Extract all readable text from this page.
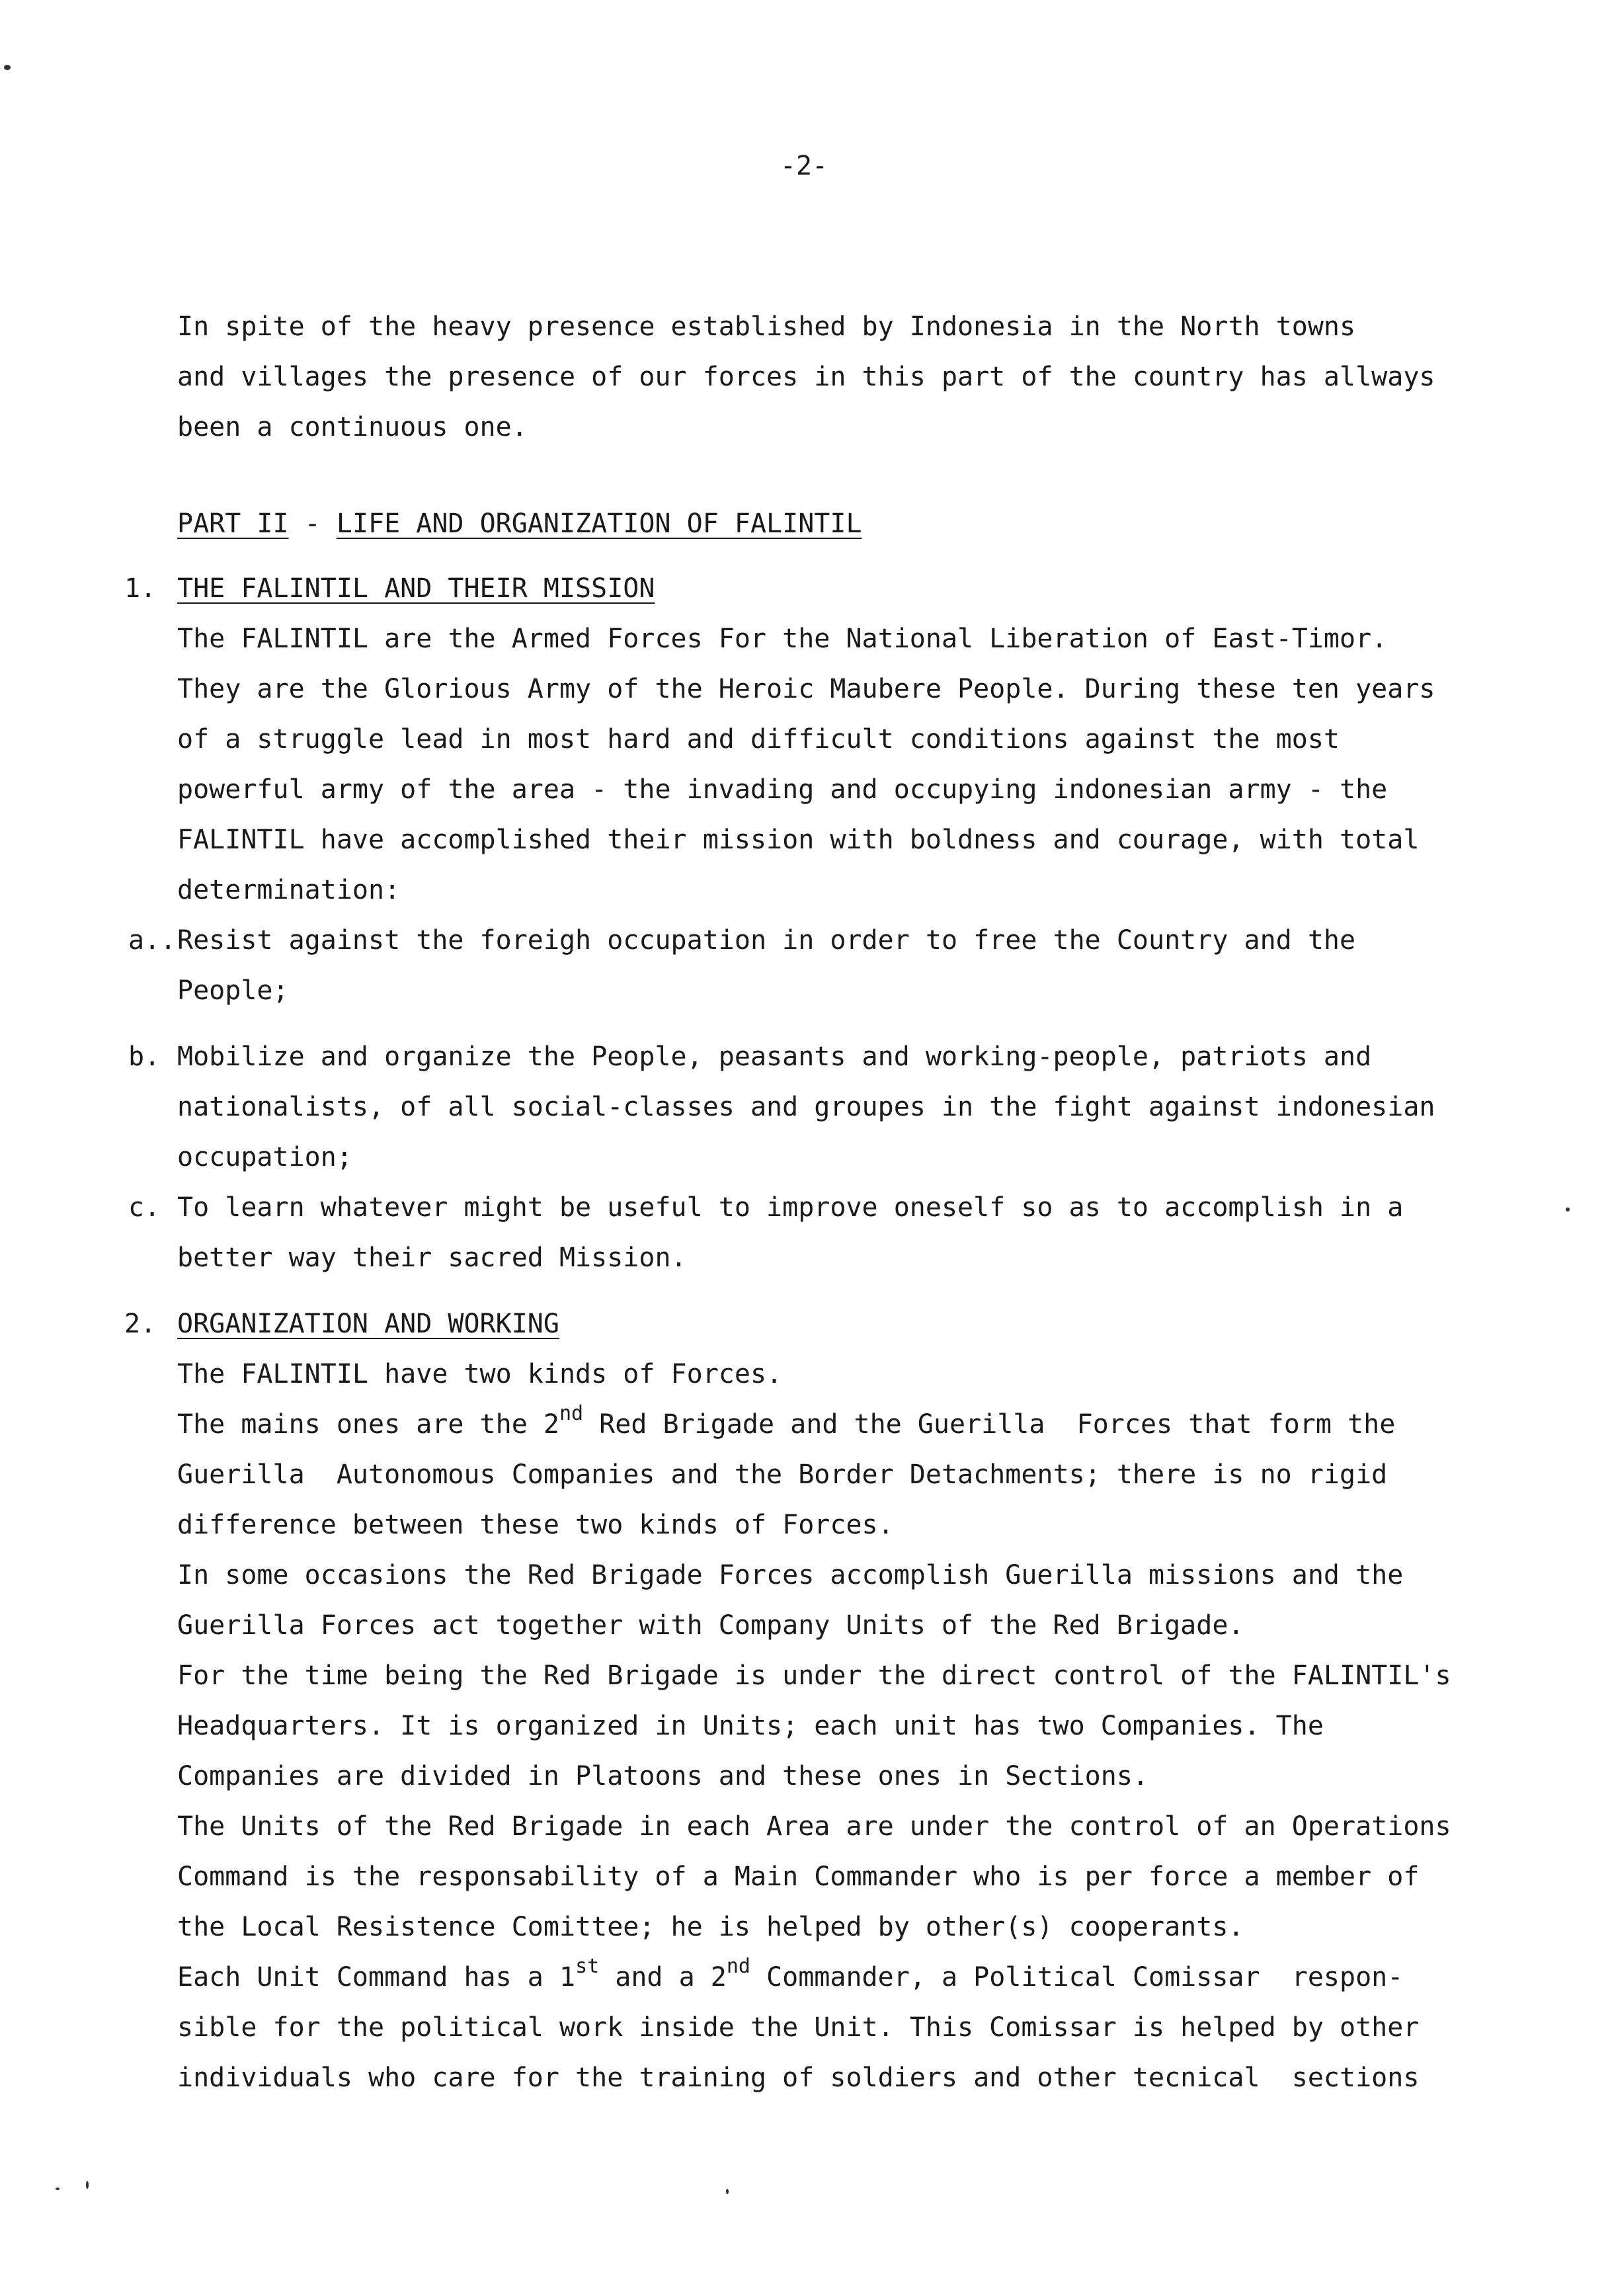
-2-
In spite of the heavy presence established by Indonesia in the North towns
and villages the presence of our forces in this part of the country has allways
been a continuous one.
PART II - LIFE AND ORGANIZATION OF FALINTIL
1. THE FALINTIL AND THEIR MISSION
The FALINTIL are the Armed Forces For the National Liberation of East-Timor.
They are the Glorious Army of the Heroic Maubere People. During these ten years
of a struggle lead in most hard and difficult conditions against the most
powerful army of the area - the invading and occupying indonesian army - the
FALINTIL have accomplished their mission with boldness and courage, with total
determination:
a.. Resist against the foreigh occupation in order to free the Country and the
People;
b. Mobilize and organize the People, peasants and working-people, patriots and
nationalists, of all social-classes and groupes in the fight against indonesian
occupation;
c. To learn whatever might be useful to improve oneself so as to accomplish in a
better way their sacred Mission.
2. ORGANIZATION AND WORKING
The FALINTIL have two kinds of Forces.
The mains ones are the 2nd Red Brigade and the Guerilla  Forces that form the
Guerilla  Autonomous Companies and the Border Detachments; there is no rigid
difference between these two kinds of Forces.
In some occasions the Red Brigade Forces accomplish Guerilla missions and the
Guerilla Forces act together with Company Units of the Red Brigade.
For the time being the Red Brigade is under the direct control of the FALINTIL's
Headquarters. It is organized in Units; each unit has two Companies. The
Companies are divided in Platoons and these ones in Sections.
The Units of the Red Brigade in each Area are under the control of an Operations
Command is the responsability of a Main Commander who is per force a member of
the Local Resistence Comittee; he is helped by other(s) cooperants.
Each Unit Command has a 1st and a 2nd Commander, a Political Comissar  respon-
sible for the political work inside the Unit. This Comissar is helped by other
individuals who care for the training of soldiers and other tecnical  sections
